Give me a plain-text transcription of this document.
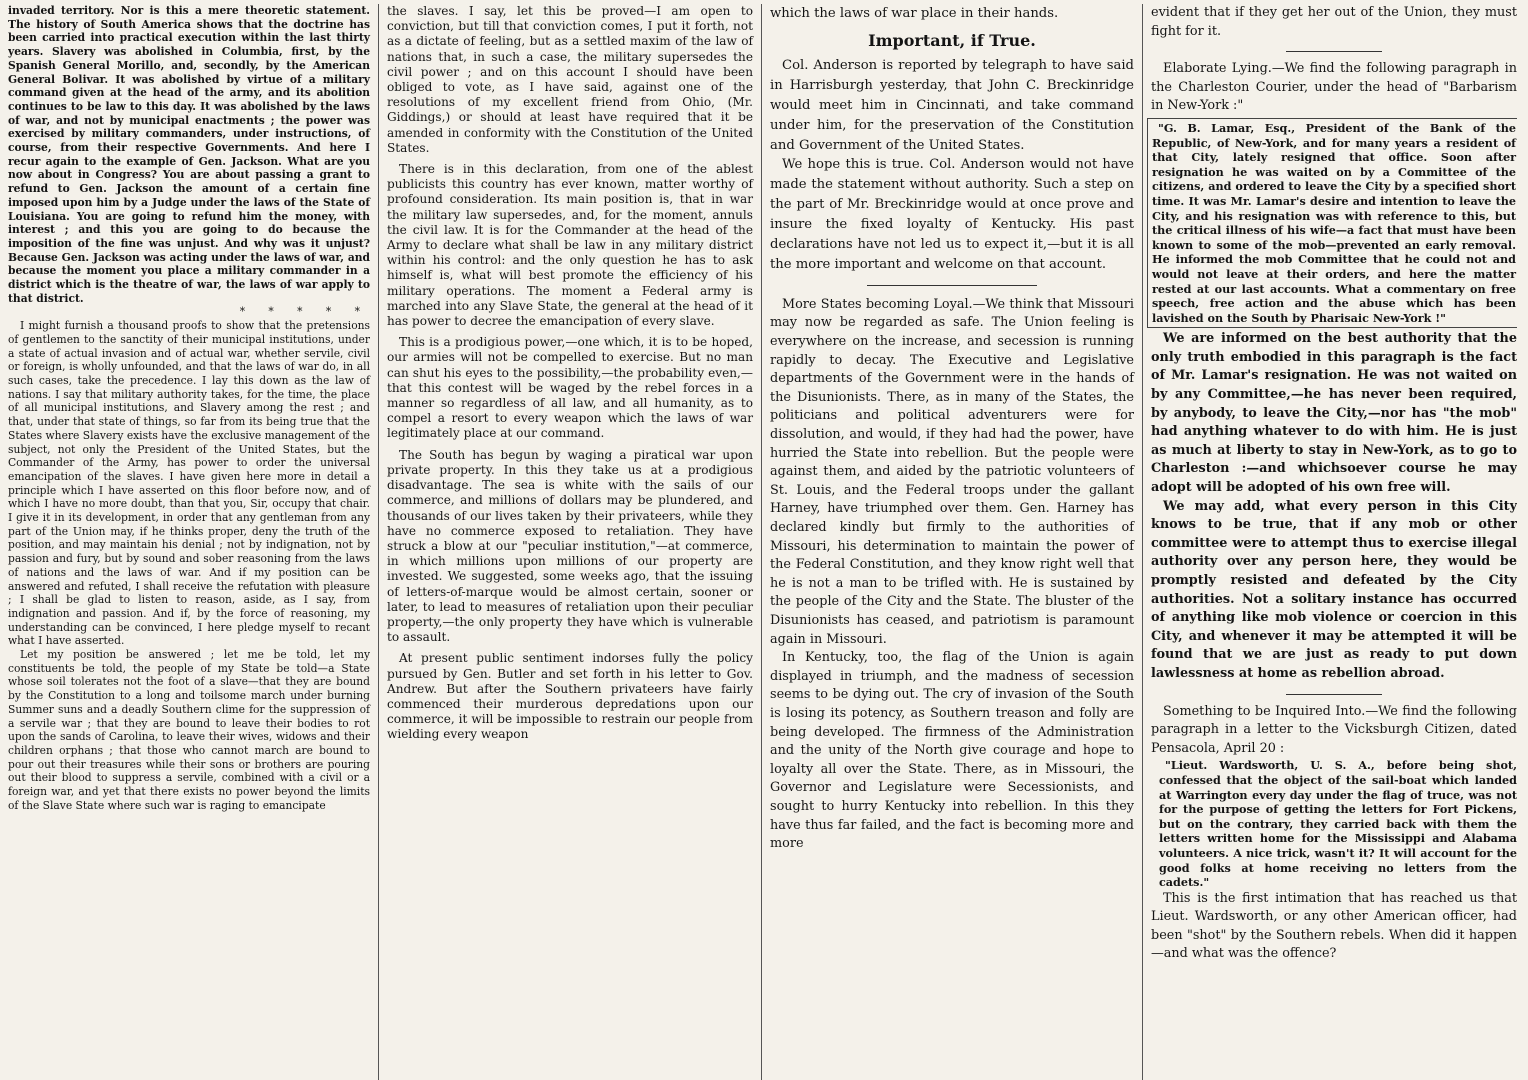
invaded territory. Nor is this a mere theoretic statement. The history of South America shows that the doctrine has been carried into practical execution within the last thirty years. Slavery was abolished in Columbia, first, by the Spanish General Morillo, and, secondly, by the American General Bolivar. It was abolished by virtue of a military command given at the head of the army, and its abolition continues to be law to this day. It was abolished by the laws of war, and not by municipal enactments ; the power was exercised by military commanders, under instructions, of course, from their respective Governments. And here I recur again to the example of Gen. Jackson. What are you now about in Congress? You are about passing a grant to refund to Gen. Jackson the amount of a certain fine imposed upon him by a Judge under the laws of the State of Louisiana. You are going to refund him the money, with interest ; and this you are going to do because the imposition of the fine was unjust. And why was it unjust? Because Gen. Jackson was acting under the laws of war, and because the moment you place a military commander in a district which is the theatre of war, the laws of war apply to that district.

* * * * *

I might furnish a thousand proofs to show that the pretensions of gentlemen to the sanctity of their municipal institutions, under a state of actual invasion and of actual war, whether servile, civil or foreign, is wholly unfounded, and that the laws of war do, in all such cases, take the precedence. I lay this down as the law of nations. I say that military authority takes, for the time, the place of all municipal institutions, and Slavery among the rest ; and that, under that state of things, so far from its being true that the States where Slavery exists have the exclusive management of the subject, not only the President of the United States, but the Commander of the Army, has power to order the universal emancipation of the slaves. I have given here more in detail a principle which I have asserted on this floor before now, and of which I have no more doubt, than that you, Sir, occupy that chair. I give it in its development, in order that any gentleman from any part of the Union may, if he thinks proper, deny the truth of the position, and may maintain his denial ; not by indignation, not by passion and fury, but by sound and sober reasoning from the laws of nations and the laws of war. And if my position can be answered and refuted, I shall receive the refutation with pleasure ; I shall be glad to listen to reason, aside, as I say, from indignation and passion. And if, by the force of reasoning, my understanding can be convinced, I here pledge myself to recant what I have asserted.

Let my position be answered ; let me be told, let my constituents be told, the people of my State be told—a State whose soil tolerates not the foot of a slave—that they are bound by the Constitution to a long and toilsome march under burning Summer suns and a deadly Southern clime for the suppression of a servile war ; that they are bound to leave their bodies to rot upon the sands of Carolina, to leave their wives, widows and their children orphans ; that those who cannot march are bound to pour out their treasures while their sons or brothers are pouring out their blood to suppress a servile, combined with a civil or a foreign war, and yet that there exists no power beyond the limits of the Slave State where such war is raging to emancipate

the slaves. I say, let this be proved—I am open to conviction, but till that conviction comes, I put it forth, not as a dictate of feeling, but as a settled maxim of the law of nations that, in such a case, the military supersedes the civil power ; and on this account I should have been obliged to vote, as I have said, against one of the resolutions of my excellent friend from Ohio, (Mr. Giddings,) or should at least have required that it be amended in conformity with the Constitution of the United States.

There is in this declaration, from one of the ablest publicists this country has ever known, matter worthy of profound consideration. Its main position is, that in war the military law supersedes, and, for the moment, annuls the civil law. It is for the Commander at the head of the Army to declare what shall be law in any military district within his control: and the only question he has to ask himself is, what will best promote the efficiency of his military operations. The moment a Federal army is marched into any Slave State, the general at the head of it has power to decree the emancipation of every slave.

This is a prodigious power,—one which, it is to be hoped, our armies will not be compelled to exercise. But no man can shut his eyes to the possibility,—the probability even,—that this contest will be waged by the rebel forces in a manner so regardless of all law, and all humanity, as to compel a resort to every weapon which the laws of war legitimately place at our command.

The South has begun by waging a piratical war upon private property. In this they take us at a prodigious disadvantage. The sea is white with the sails of our commerce, and millions of dollars may be plundered, and thousands of our lives taken by their privateers, while they have no commerce exposed to retaliation. They have struck a blow at our "peculiar institution,"—at commerce, in which millions upon millions of our property are invested. We suggested, some weeks ago, that the issuing of letters-of-marque would be almost certain, sooner or later, to lead to measures of retaliation upon their peculiar property,—the only property they have which is vulnerable to assault.

At present public sentiment indorses fully the policy pursued by Gen. Butler and set forth in his letter to Gov. Andrew. But after the Southern privateers have fairly commenced their murderous depredations upon our commerce, it will be impossible to restrain our people from wielding every weapon

which the laws of war place in their hands.

Important, if True.

Col. Anderson is reported by telegraph to have said in Harrisburgh yesterday, that John C. Breckinridge would meet him in Cincinnati, and take command under him, for the preservation of the Constitution and Government of the United States.

We hope this is true. Col. Anderson would not have made the statement without authority. Such a step on the part of Mr. Breckinridge would at once prove and insure the fixed loyalty of Kentucky. His past declarations have not led us to expect it,—but it is all the more important and welcome on that account.

More States becoming Loyal.—We think that Missouri may now be regarded as safe. The Union feeling is everywhere on the increase, and secession is running rapidly to decay. The Executive and Legislative departments of the Government were in the hands of the Disunionists. There, as in many of the States, the politicians and political adventurers were for dissolution, and would, if they had had the power, have hurried the State into rebellion. But the people were against them, and aided by the patriotic volunteers of St. Louis, and the Federal troops under the gallant Harney, have triumphed over them. Gen. Harney has declared kindly but firmly to the authorities of Missouri, his determination to maintain the power of the Federal Constitution, and they know right well that he is not a man to be trifled with. He is sustained by the people of the City and the State. The bluster of the Disunionists has ceased, and patriotism is paramount again in Missouri.

In Kentucky, too, the flag of the Union is again displayed in triumph, and the madness of secession seems to be dying out. The cry of invasion of the South is losing its potency, as Southern treason and folly are being developed. The firmness of the Administration and the unity of the North give courage and hope to loyalty all over the State. There, as in Missouri, the Governor and Legislature were Secessionists, and sought to hurry Kentucky into rebellion. In this they have thus far failed, and the fact is becoming more and more

evident that if they get her out of the Union, they must fight for it.

Elaborate Lying.—We find the following paragraph in the Charleston Courier, under the head of "Barbarism in New-York :"

"G. B. Lamar, Esq., President of the Bank of the Republic, of New-York, and for many years a resident of that City, lately resigned that office. Soon after resignation he was waited on by a Committee of the citizens, and ordered to leave the City by a specified short time. It was Mr. Lamar's desire and intention to leave the City, and his resignation was with reference to this, but the critical illness of his wife—a fact that must have been known to some of the mob—prevented an early removal. He informed the mob Committee that he could not and would not leave at their orders, and here the matter rested at our last accounts. What a commentary on free speech, free action and the abuse which has been lavished on the South by Pharisaic New-York !"

We are informed on the best authority that the only truth embodied in this paragraph is the fact of Mr. Lamar's resignation. He was not waited on by any Committee,—he has never been required, by anybody, to leave the City,—nor has "the mob" had anything whatever to do with him. He is just as much at liberty to stay in New-York, as to go to Charleston :—and whichsoever course he may adopt will be adopted of his own free will.

We may add, what every person in this City knows to be true, that if any mob or other committee were to attempt thus to exercise illegal authority over any person here, they would be promptly resisted and defeated by the City authorities. Not a solitary instance has occurred of anything like mob violence or coercion in this City, and whenever it may be attempted it will be found that we are just as ready to put down lawlessness at home as rebellion abroad.

Something to be Inquired Into.—We find the following paragraph in a letter to the Vicksburgh Citizen, dated Pensacola, April 20 :

"Lieut. Wardsworth, U. S. A., before being shot, confessed that the object of the sail-boat which landed at Warrington every day under the flag of truce, was not for the purpose of getting the letters for Fort Pickens, but on the contrary, they carried back with them the letters written home for the Mississippi and Alabama volunteers. A nice trick, wasn't it? It will account for the good folks at home receiving no letters from the cadets."

This is the first intimation that has reached us that Lieut. Wardsworth, or any other American officer, had been "shot" by the Southern rebels. When did it happen—and what was the offence?
